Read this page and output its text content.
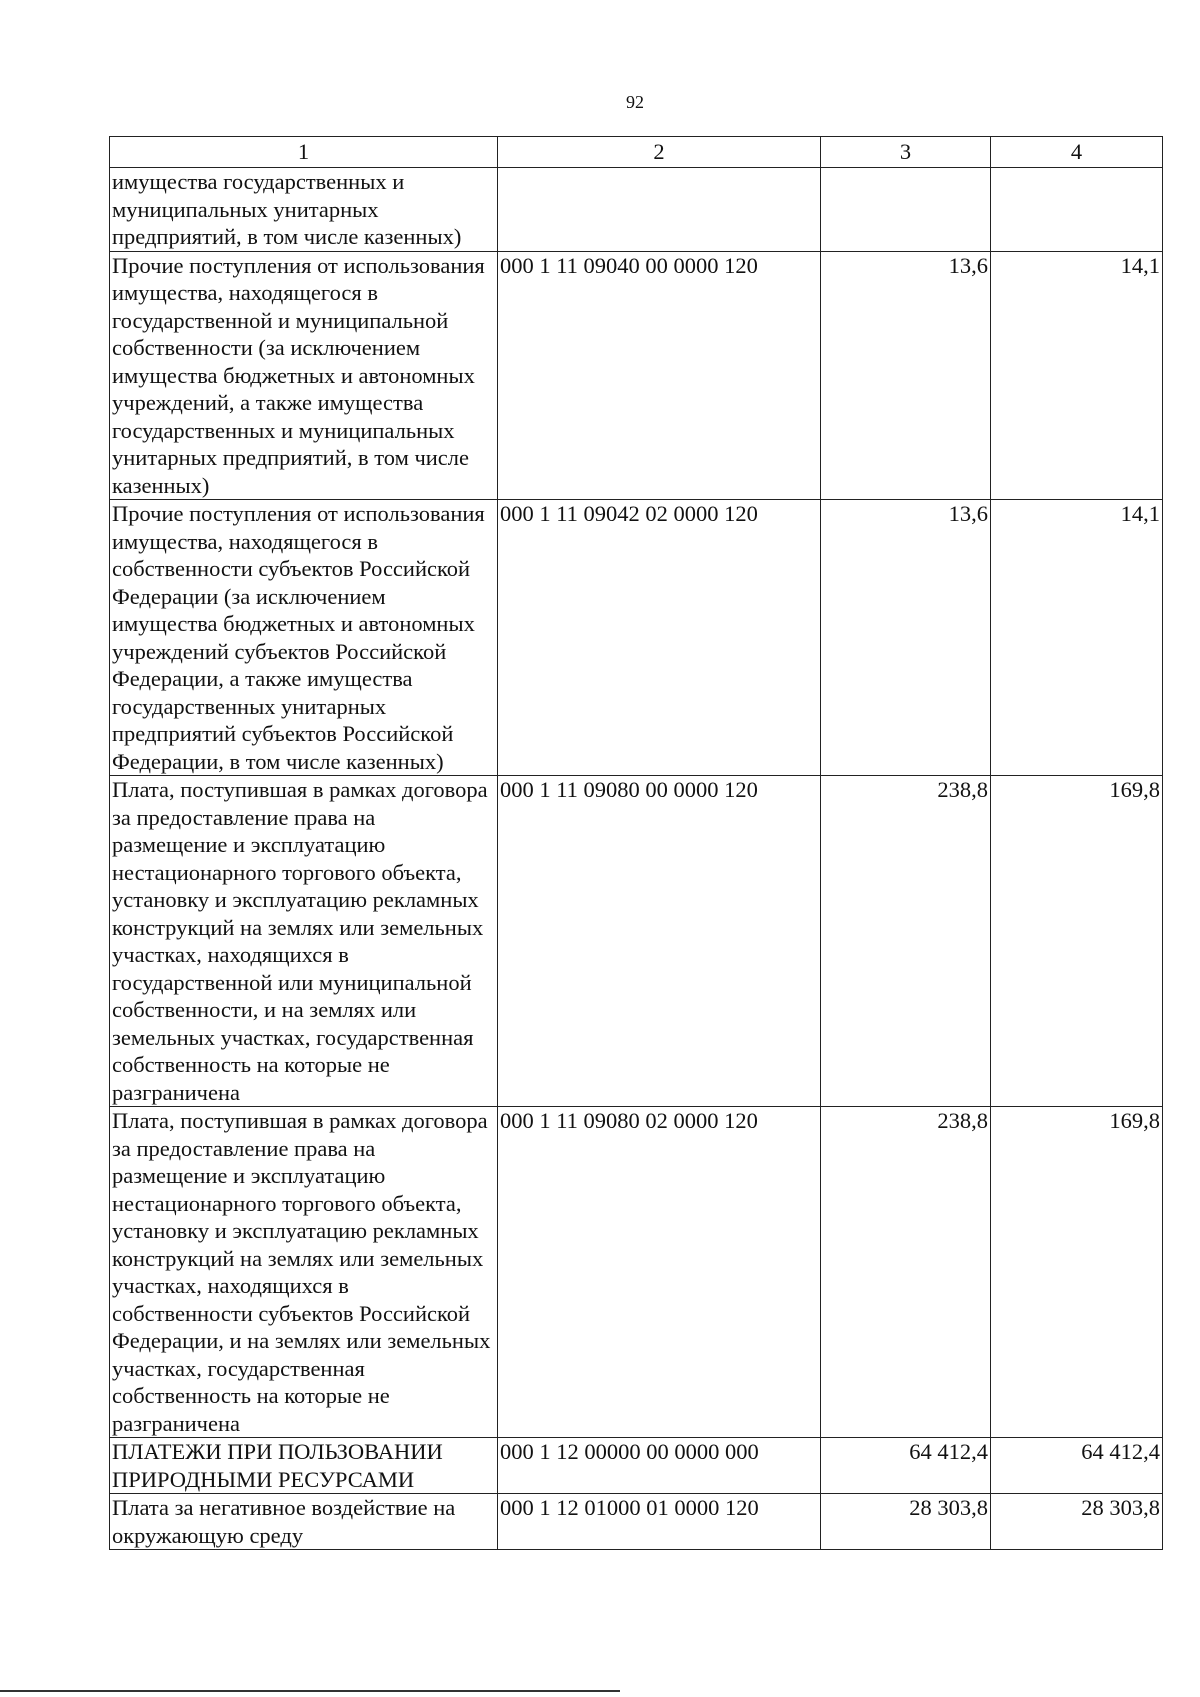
92
1	2	3	4
имущества государственных и муниципальных унитарных предприятий, в том числе казенных)			
Прочие поступления от использования имущества, находящегося в государственной и муниципальной собственности (за исключением имущества бюджетных и автономных учреждений, а также имущества государственных и муниципальных унитарных предприятий, в том числе казенных)	000 1 11 09040 00 0000 120	13,6	14,1
Прочие поступления от использования имущества, находящегося в собственности субъектов Российской Федерации (за исключением имущества бюджетных и автономных учреждений субъектов Российской Федерации, а также имущества государственных унитарных предприятий субъектов Российской Федерации, в том числе казенных)	000 1 11 09042 02 0000 120	13,6	14,1
Плата, поступившая в рамках договора за предоставление права на размещение и эксплуатацию нестационарного торгового объекта, установку и эксплуатацию рекламных конструкций на землях или земельных участках, находящихся в государственной или муниципальной собственности, и на землях или земельных участках, государственная собственность на которые не разграничена	000 1 11 09080 00 0000 120	238,8	169,8
Плата, поступившая в рамках договора за предоставление права на размещение и эксплуатацию нестационарного торгового объекта, установку и эксплуатацию рекламных конструкций на землях или земельных участках, находящихся в собственности субъектов Российской Федерации, и на землях или земельных участках, государственная собственность на которые не разграничена	000 1 11 09080 02 0000 120	238,8	169,8
ПЛАТЕЖИ ПРИ ПОЛЬЗОВАНИИ ПРИРОДНЫМИ РЕСУРСАМИ	000 1 12 00000 00 0000 000	64 412,4	64 412,4
Плата за негативное воздействие на окружающую среду	000 1 12 01000 01 0000 120	28 303,8	28 303,8
